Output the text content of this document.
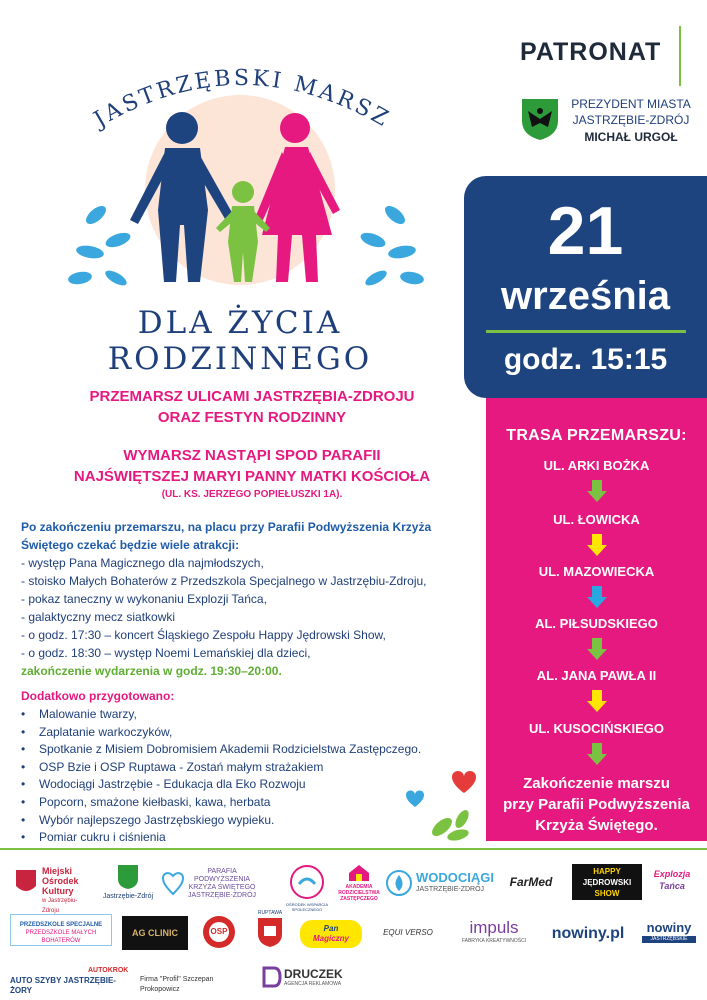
JASTRZĘBSKI MARSZ
DLA ŻYCIA RODZINNEGO
PATRONAT
PREZYDENT MIASTA
JASTRZĘBIE-ZDRÓJ
MICHAŁ URGOŁ
21
września
godz. 15:15
TRASA PRZEMARSZU:
UL. ARKI BOŻKA
UL. ŁOWICKA
UL. MAZOWIECKA
AL. PIŁSUDSKIEGO
AL. JANA PAWŁA II
UL. KUSOCIŃSKIEGO
Zakończenie marszu
przy Parafii Podwyższenia
Krzyża Świętego.
PRZEMARSZ ULICAMI JASTRZĘBIA-ZDROJU
ORAZ FESTYN RODZINNY
WYMARSZ NASTĄPI SPOD PARAFII
NAJŚWIĘTSZEJ MARYI PANNY MATKI KOŚCIOŁA
(UL. KS. JERZEGO POPIEŁUSZKI 1A).
Po zakończeniu przemarszu, na placu przy Parafii Podwyższenia Krzyża Świętego czekać będzie wiele atrakcji:
- występ Pana Magicznego dla najmłodszych,
- stoisko Małych Bohaterów z Przedszkola Specjalnego w Jastrzębiu-Zdroju,
- pokaz taneczny w wykonaniu Explozji Tańca,
- galaktyczny mecz siatkowki
- o godz. 17:30 – koncert Śląskiego Zespołu Happy Jędrowski Show,
- o godz. 18:30 – występ Noemi Lemańskiej dla dzieci,
zakończenie wydarzenia w godz. 19:30–20:00.
Dodatkowo przygotowano:
• Malowanie twarzy,
• Zaplatanie warkoczyków,
• Spotkanie z Misiem Dobromisiem Akademii Rodzicielstwa Zastępczego.
• OSP Bzie i OSP Ruptawa - Zostań małym strażakiem
• Wodociągi Jastrzębie - Edukacja dla Eko Rozwoju
• Popcorn, smażone kiełbaski, kawa, herbata
• Wybór najlepszego Jastrzębskiego wypieku.
• Pomiar cukru i ciśnienia
Miejski
Ośrodek
Kultury
w Jastrzębiu-Zdroju
Jastrzębie-Zdrój
PARAFIA
PODWYŻSZENIA
KRZYŻA ŚWIĘTEGO
JASTRZĘBIE-ZDRÓJ
OŚRODEK WSPARCIA SPOŁECZNEGO
AKADEMIA
RODZICIELSTWA
ZASTĘPCZEGO
WODOCIĄGI
JASTRZĘBIE-ZDRÓJ
FarMed
HAPPY
JĘDROWSKI
SHOW
Explozja
Tańca
PRZEDSZKOLE SPECJALNE
PRZEDSZKOLE MAŁYCH BOHATERÓW
AG CLINIC	OSP
RUPTAWA
Pan
Magiczny
EQUI VERSO	impuls
FABRYKA KREATYWNOŚCI	nowiny.pl	nowiny
JASTRZĘBSKIE
AUTOKROK
AUTO SZYBY JASTRZĘBIE-ŻORY
Firma "Profil" Szczepan Prokopowicz
DRUCZEK
AGENCJA REKLAMOWA
